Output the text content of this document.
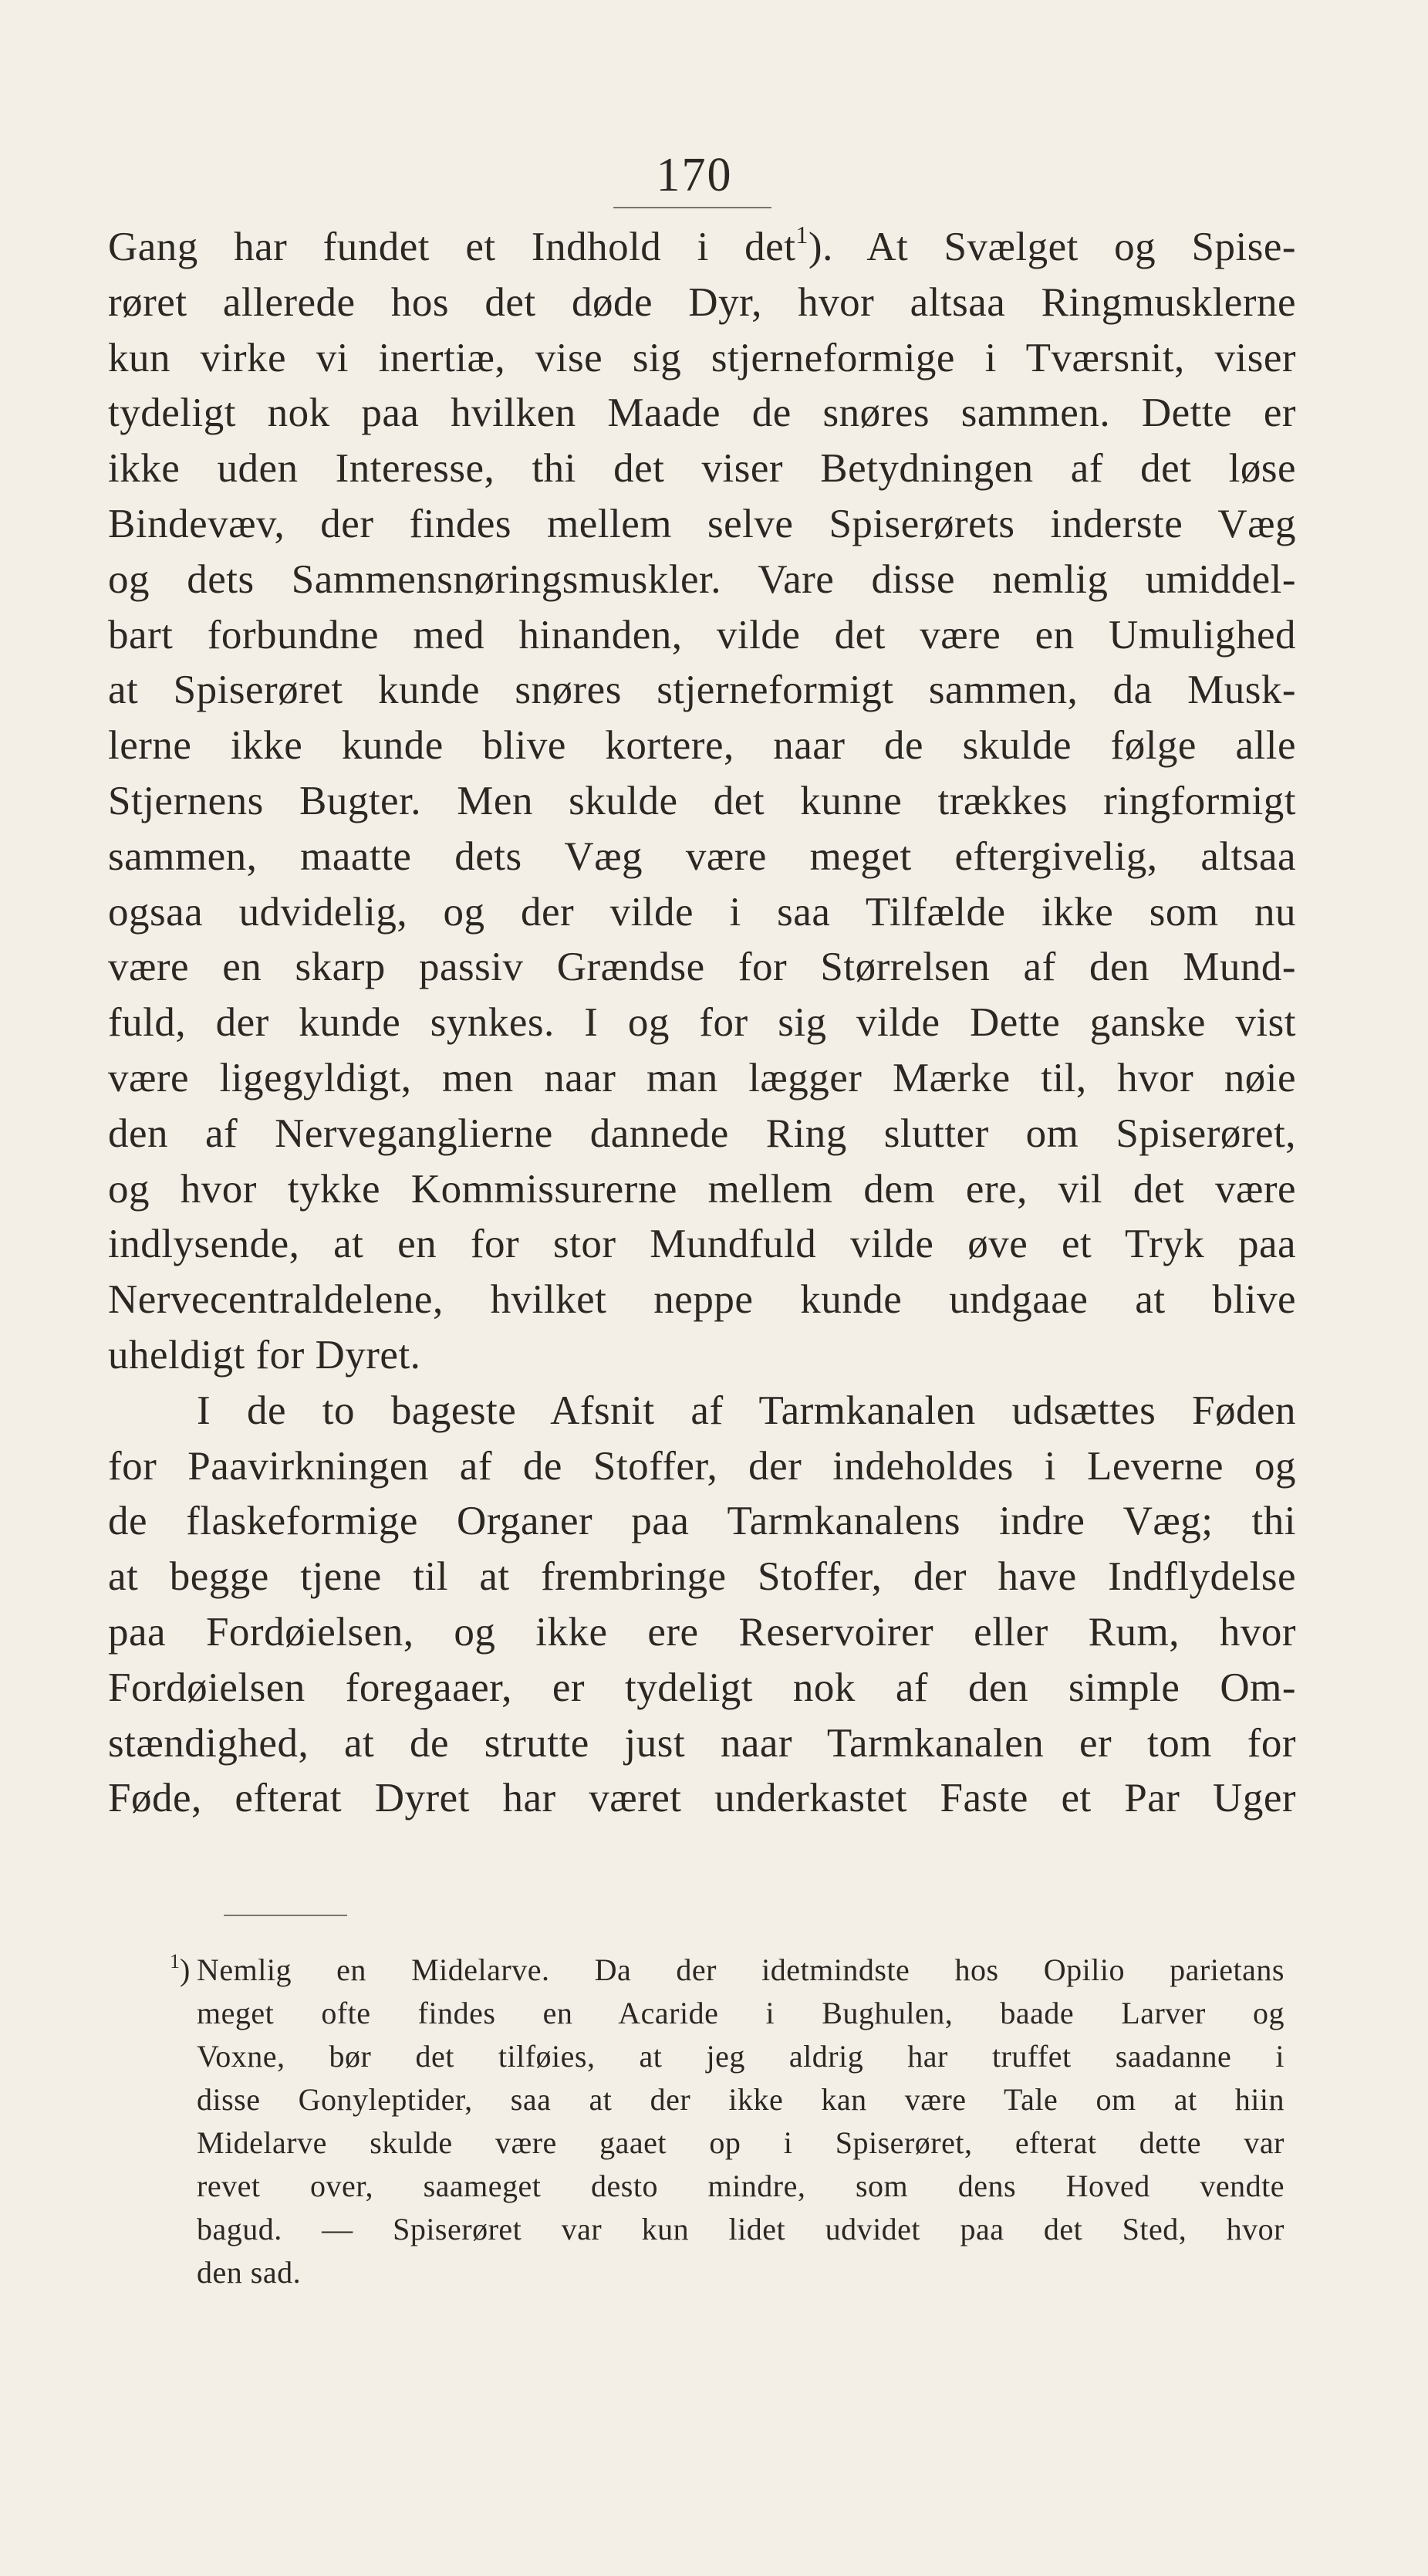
170
Gang har fundet et Indhold i $\det^1$). At Svælget og Spise-
røret allerede hos det døde Dyr, hvor altsaa Ringmusklerne
kun virke vi inertiæ, vise sig stjerneformige i Tværsnit, viser
tydeligt nok paa hvilken Maade de snøres sammen. Dette er
ikke uden Interesse, thi det viser Betydningen af det løse
Bindevæv, der findes mellem selve Spiserørets inderste Væg
og dets Sammensnøringsmuskler. Vare disse nemlig umiddel-
bart forbundne med hinanden, vilde det være en Umulighed
at Spiserøret kunde snøres stjerneformigt sammen, da Musk-
lerne ikke kunde blive kortere, naar de skulde følge alle
Stjernens Bugter. Men skulde det kunne trækkes ringformigt
sammen, maatte dets Væg være meget eftergivelig, altsaa
ogsaa udvidelig, og der vilde i saa Tilfælde ikke som nu
være en skarp passiv Grændse for Størrelsen af den Mund-
fuld, der kunde synkes. I og for sig vilde Dette ganske vist
være ligegyldigt, men naar man lægger Mærke til, hvor nøie
den af Nerveganglierne dannede Ring slutter om Spiserøret,
og hvor tykke Kommissurerne mellem dem ere, vil det være
indlysende, at en for stor Mundfuld vilde øve et Tryk paa
Nervecentraldelene, hvilket neppe kunde undgaae at blive
uheldigt for Dyret.
I de to bageste Afsnit af Tarmkanalen udsættes Føden
for Paavirkningen af de Stoffer, der indeholdes i Leverne og
de flaskeformige Organer paa Tarmkanalens indre Væg; thi
at begge tjene til at frembringe Stoffer, der have Indflydelse
paa Fordøielsen, og ikke ere Reservoirer eller Rum, hvor
Fordøielsen foregaaer, er tydeligt nok af den simple Om-
stændighed, at de strutte just naar Tarmkanalen er tom for
Føde, efterat Dyret har været underkastet Faste et Par Uger
$^1$) Nemlig en Midelarve. Da der idetmindste hos Opilio parietans
meget ofte findes en Acaride i Bughulen, baade Larver og
Voxne, bør det tilføies, at jeg aldrig har truffet saadanne i
disse Gonyleptider, saa at der ikke kan være Tale om at hiin
Midelarve skulde være gaaet op i Spiserøret, efterat dette var
revet over, saameget desto mindre, som dens Hoved vendte
bagud. — Spiserøret var kun lidet udvidet paa det Sted, hvor
den sad.
